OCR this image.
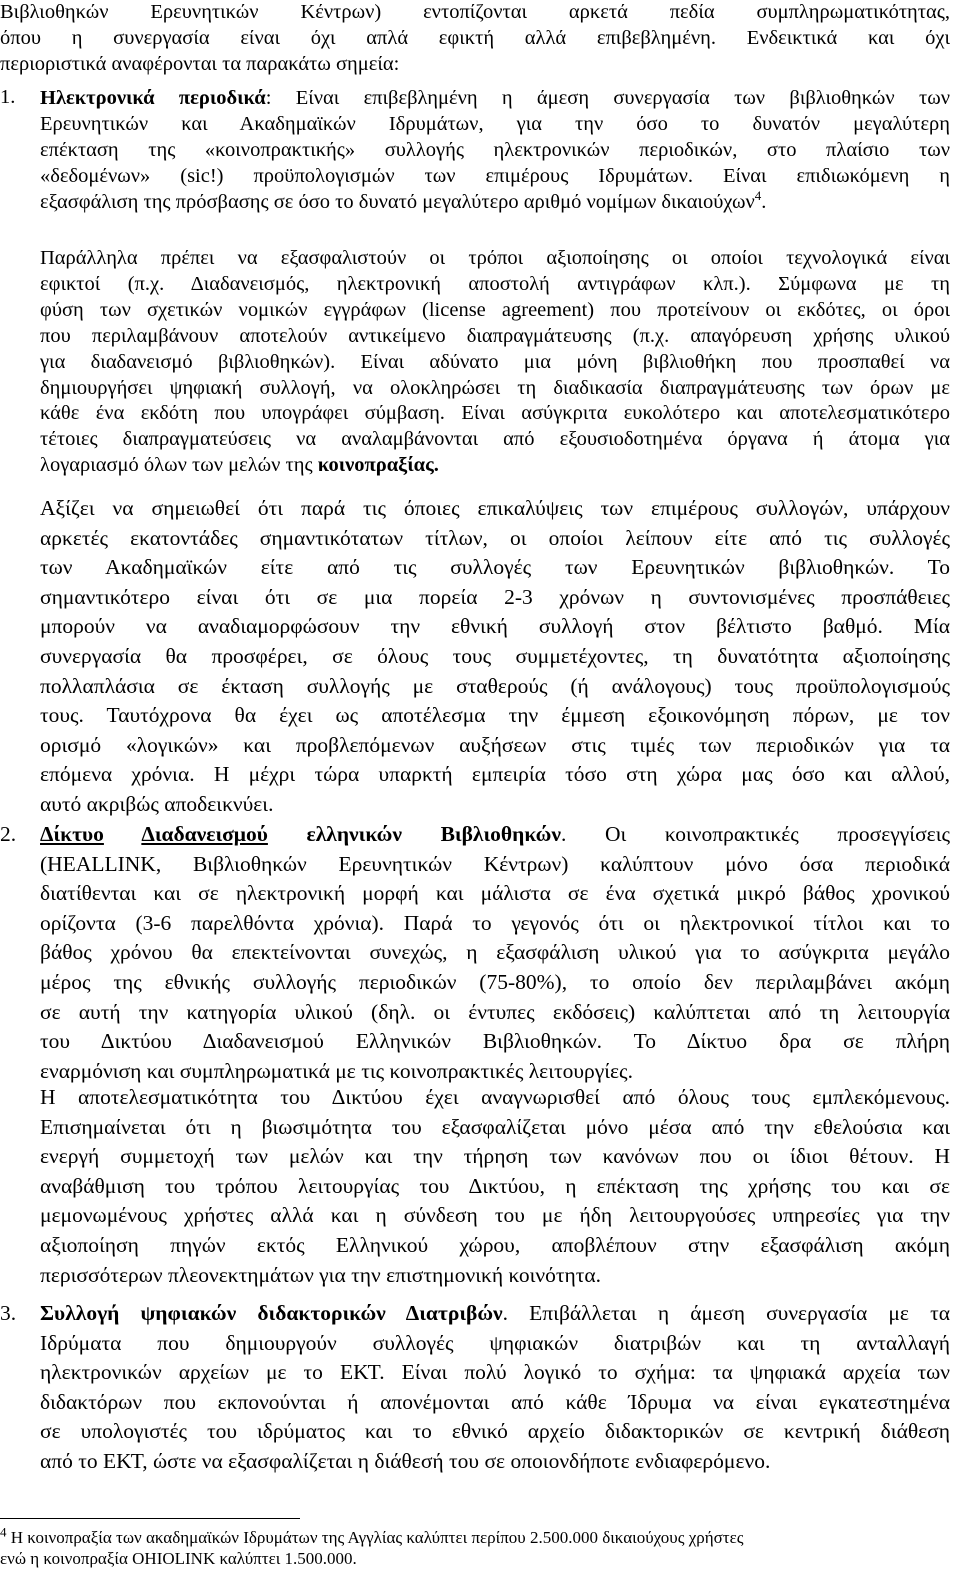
Βιβλιοθηκών Ερευνητικών Κέντρων) εντοπίζονται αρκετά πεδία συμπληρωματικότητας,
όπου η συνεργασία είναι όχι απλά εφικτή αλλά επιβεβλημένη. Ενδεικτικά και όχι
περιοριστικά αναφέρονται τα παρακάτω σημεία:
1. Ηλεκτρονικά περιοδικά: Είναι επιβεβλημένη η άμεση συνεργασία των βιβλιοθηκών των
Ερευνητικών και Ακαδημαϊκών Ιδρυμάτων, για την όσο το δυνατόν μεγαλύτερη
επέκταση της «κοινοπρακτικής» συλλογής ηλεκτρονικών περιοδικών, στο πλαίσιο των
«δεδομένων» (sic!) προϋπολογισμών των επιμέρους Ιδρυμάτων. Είναι επιδιωκόμενη η
εξασφάλιση της πρόσβασης σε όσο το δυνατό μεγαλύτερο αριθμό νομίμων δικαιούχων$^4$.
Παράλληλα πρέπει να εξασφαλιστούν οι τρόποι αξιοποίησης οι οποίοι τεχνολογικά είναι
εφικτοί (π.χ. Διαδανεισμός, ηλεκτρονική αποστολή αντιγράφων κλπ.). Σύμφωνα με τη
φύση των σχετικών νομικών εγγράφων (license agreement) που προτείνουν οι εκδότες, οι όροι
που περιλαμβάνουν αποτελούν αντικείμενο διαπραγμάτευσης (π.χ. απαγόρευση χρήσης υλικού
για διαδανεισμό βιβλιοθηκών). Είναι αδύνατο μια μόνη βιβλιοθήκη που προσπαθεί να
δημιουργήσει ψηφιακή συλλογή, να ολοκληρώσει τη διαδικασία διαπραγμάτευσης των όρων με
κάθε ένα εκδότη που υπογράφει σύμβαση. Είναι ασύγκριτα ευκολότερο και αποτελεσματικότερο
τέτοιες διαπραγματεύσεις να αναλαμβάνονται από εξουσιοδοτημένα όργανα ή άτομα για
λογαριασμό όλων των μελών της κοινοπραξίας.
Αξίζει να σημειωθεί ότι παρά τις όποιες επικαλύψεις των επιμέρους συλλογών, υπάρχουν
αρκετές εκατοντάδες σημαντικότατων τίτλων, οι οποίοι λείπουν είτε από τις συλλογές
των Ακαδημαϊκών είτε από τις συλλογές των Ερευνητικών βιβλιοθηκών. Το
σημαντικότερο είναι ότι σε μια πορεία 2-3 χρόνων η συντονισμένες προσπάθειες
μπορούν να αναδιαμορφώσουν την εθνική συλλογή στον βέλτιστο βαθμό. Μία
συνεργασία θα προσφέρει, σε όλους τους συμμετέχοντες, τη δυνατότητα αξιοποίησης
πολλαπλάσια σε έκταση συλλογής με σταθερούς (ή ανάλογους) τους προϋπολογισμούς
τους. Ταυτόχρονα θα έχει ως αποτέλεσμα την έμμεση εξοικονόμηση πόρων, με τον
ορισμό «λογικών» και προβλεπόμενων αυξήσεων στις τιμές των περιοδικών για τα
επόμενα χρόνια. Η μέχρι τώρα υπαρκτή εμπειρία τόσο στη χώρα μας όσο και αλλού,
αυτό ακριβώς αποδεικνύει.
2. Δίκτυο Διαδανεισμού ελληνικών Βιβλιοθηκών. Οι κοινοπρακτικές προσεγγίσεις
(HEALLINK, Βιβλιοθηκών Ερευνητικών Κέντρων) καλύπτουν μόνο όσα περιοδικά
διατίθενται και σε ηλεκτρονική μορφή και μάλιστα σε ένα σχετικά μικρό βάθος χρονικού
ορίζοντα (3-6 παρελθόντα χρόνια). Παρά το γεγονός ότι οι ηλεκτρονικοί τίτλοι και το
βάθος χρόνου θα επεκτείνονται συνεχώς, η εξασφάλιση υλικού για το ασύγκριτα μεγάλο
μέρος της εθνικής συλλογής περιοδικών (75-80%), το οποίο δεν περιλαμβάνει ακόμη
σε αυτή την κατηγορία υλικού (δηλ. οι έντυπες εκδόσεις) καλύπτεται από τη λειτουργία
του Δικτύου Διαδανεισμού Ελληνικών Βιβλιοθηκών. Το Δίκτυο δρα σε πλήρη
εναρμόνιση και συμπληρωματικά με τις κοινοπρακτικές λειτουργίες.
Η αποτελεσματικότητα του Δικτύου έχει αναγνωρισθεί από όλους τους εμπλεκόμενους.
Επισημαίνεται ότι η βιωσιμότητα του εξασφαλίζεται μόνο μέσα από την εθελούσια και
ενεργή συμμετοχή των μελών και την τήρηση των κανόνων που οι ίδιοι θέτουν. Η
αναβάθμιση του τρόπου λειτουργίας του Δικτύου, η επέκταση της χρήσης του και σε
μεμονωμένους χρήστες αλλά και η σύνδεση του με ήδη λειτουργούσες υπηρεσίες για την
αξιοποίηση πηγών εκτός Ελληνικού χώρου, αποβλέπουν στην εξασφάλιση ακόμη
περισσότερων πλεονεκτημάτων για την επιστημονική κοινότητα.
3. Συλλογή ψηφιακών διδακτορικών Διατριβών. Επιβάλλεται η άμεση συνεργασία με τα
Ιδρύματα που δημιουργούν συλλογές ψηφιακών διατριβών και τη ανταλλαγή
ηλεκτρονικών αρχείων με το ΕΚΤ. Είναι πολύ λογικό το σχήμα: τα ψηφιακά αρχεία των
διδακτόρων που εκπονούνται ή απονέμονται από κάθε Ίδρυμα να είναι εγκατεστημένα
σε υπολογιστές του ιδρύματος και το εθνικό αρχείο διδακτορικών σε κεντρική διάθεση
από το ΕΚΤ, ώστε να εξασφαλίζεται η διάθεσή του σε οποιονδήποτε ενδιαφερόμενο.
$^4$ Η κοινοπραξία των ακαδημαϊκών Ιδρυμάτων της Αγγλίας καλύπτει περίπου 2.500.000 δικαιούχους χρήστες
ενώ η κοινοπραξία OHIOLINK καλύπτει 1.500.000.
